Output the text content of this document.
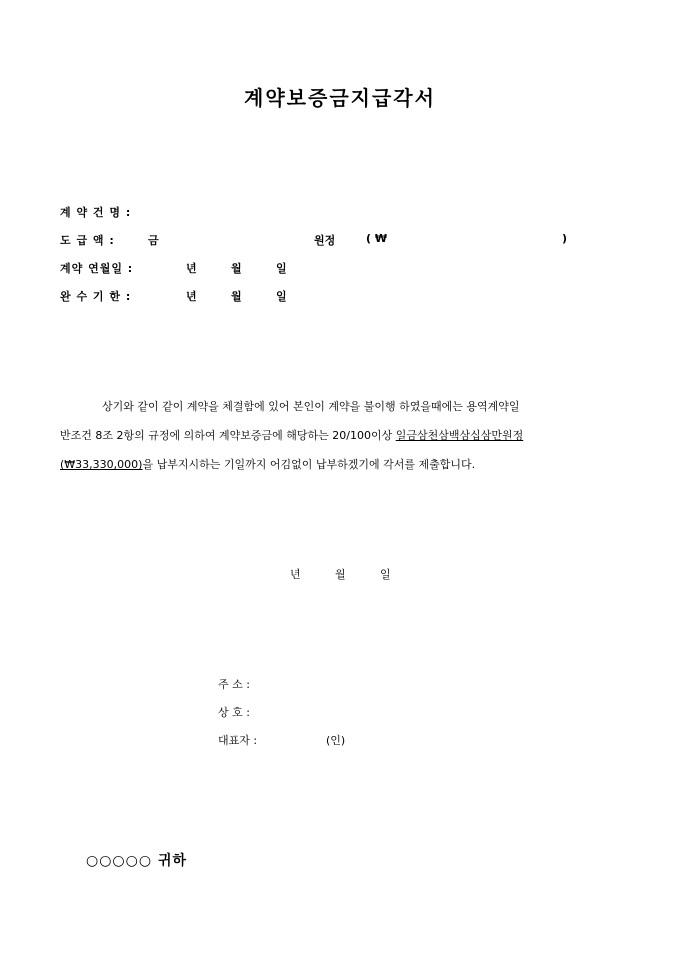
계약보증금지급각서
계 약 건 명 :
도 급 액 :	금	원정	( ₩	)
계약 연월일 :	년	월	일
완 수 기 한 :	년	월	일
상기와 같이 같이 계약을 체결함에 있어 본인이 계약을 불이행 하였을때에는 용역계약일
반조건 8조 2항의 규정에 의하여 계약보증금에 해당하는 20/100이상 일금삼천삼백삼십삼만원정
(₩33,330,000)을 납부지시하는 기일까지 어김없이 납부하겠기에 각서를 제출합니다.
년	월	일
주 소 :
상 호 :
대표자 :	(인)
○○○○○ 귀하
